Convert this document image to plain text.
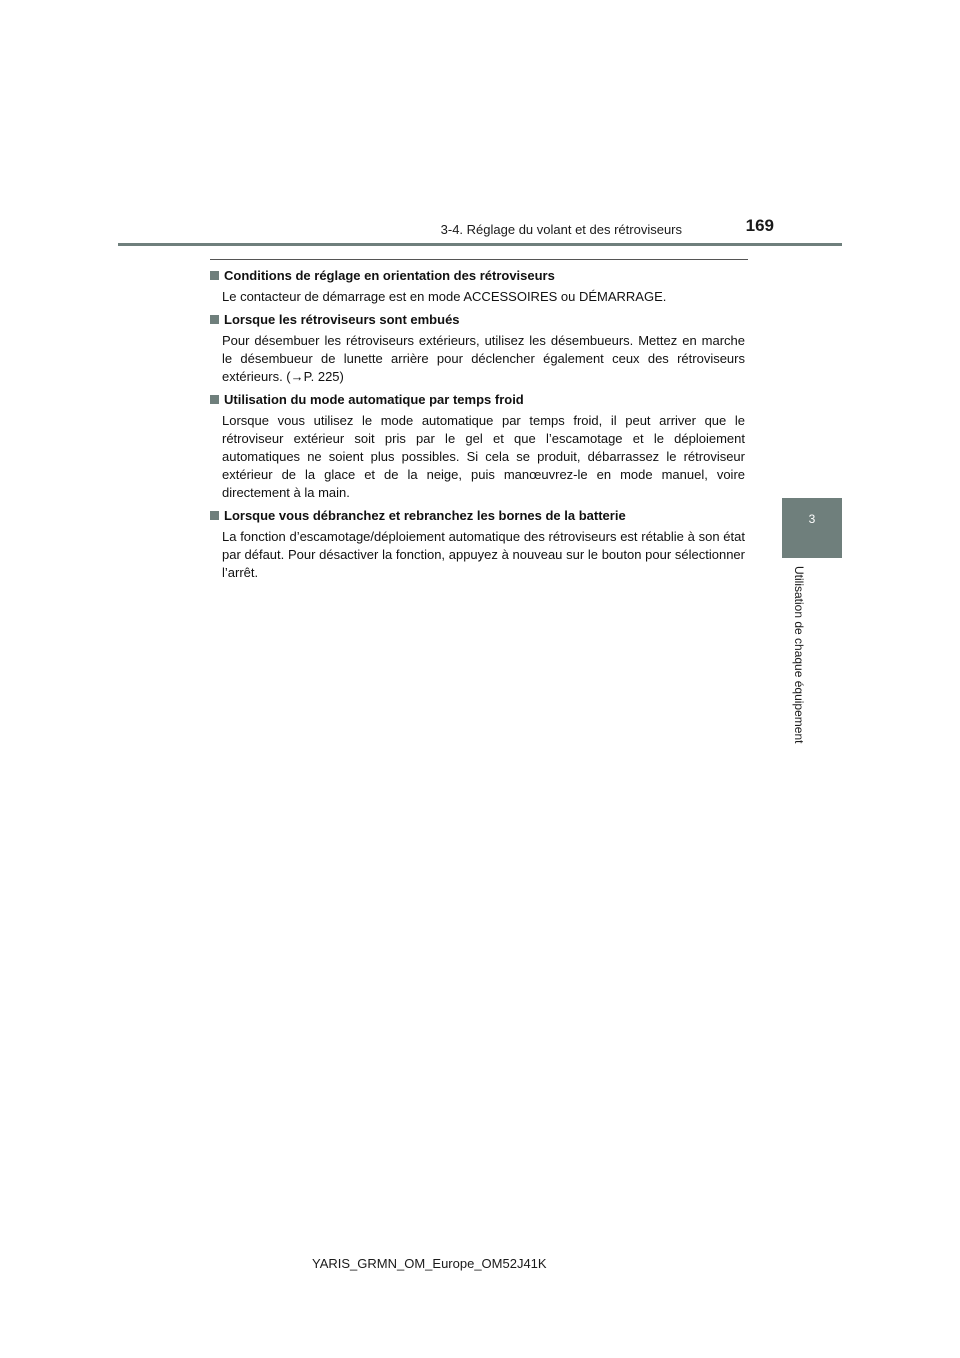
3-4. Réglage du volant et des rétroviseurs	169
3
Utilisation de chaque équipement
Conditions de réglage en orientation des rétroviseurs
Le contacteur de démarrage est en mode ACCESSOIRES ou DÉMARRAGE.
Lorsque les rétroviseurs sont embués
Pour désembuer les rétroviseurs extérieurs, utilisez les désembueurs. Mettez en marche le désembueur de lunette arrière pour déclencher également ceux des rétroviseurs extérieurs. (→P. 225)
Utilisation du mode automatique par temps froid
Lorsque vous utilisez le mode automatique par temps froid, il peut arriver que le rétroviseur extérieur soit pris par le gel et que l’escamotage et le déploiement automatiques ne soient plus possibles. Si cela se produit, débarrassez le rétroviseur extérieur de la glace et de la neige, puis manœuvrez-le en mode manuel, voire directement à la main.
Lorsque vous débranchez et rebranchez les bornes de la batterie
La fonction d’escamotage/déploiement automatique des rétroviseurs est rétablie à son état par défaut. Pour désactiver la fonction, appuyez à nouveau sur le bouton pour sélectionner l’arrêt.
YARIS_GRMN_OM_Europe_OM52J41K
